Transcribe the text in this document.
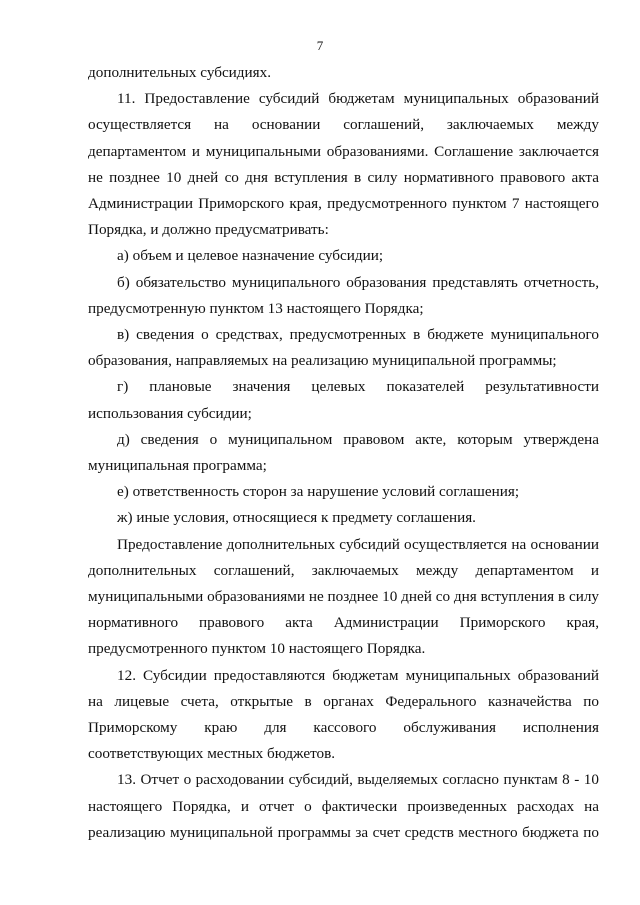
7

дополнительных субсидиях.

11. Предоставление субсидий бюджетам муниципальных образований осуществляется на основании соглашений, заключаемых между департаментом и муниципальными образованиями. Соглашение заключается не позднее 10 дней со дня вступления в силу нормативного правового акта Администрации Приморского края, предусмотренного пунктом 7 настоящего Порядка, и должно предусматривать:

а) объем и целевое назначение субсидии;

б) обязательство муниципального образования представлять отчетность, предусмотренную пунктом 13 настоящего Порядка;

в) сведения о средствах, предусмотренных в бюджете муниципального образования, направляемых на реализацию муниципальной программы;

г) плановые значения целевых показателей результативности использования субсидии;

д) сведения о муниципальном правовом акте, которым утверждена муниципальная программа;

е) ответственность сторон за нарушение условий соглашения;

ж) иные условия, относящиеся к предмету соглашения.

Предоставление дополнительных субсидий осуществляется на основании дополнительных соглашений, заключаемых между департаментом и муниципальными образованиями не позднее 10 дней со дня вступления в силу нормативного правового акта Администрации Приморского края, предусмотренного пунктом 10 настоящего Порядка.

12. Субсидии предоставляются бюджетам муниципальных образований на лицевые счета, открытые в органах Федерального казначейства по Приморскому краю для кассового обслуживания исполнения соответствующих местных бюджетов.

13. Отчет о расходовании субсидий, выделяемых согласно пунктам 8 - 10 настоящего Порядка, и отчет о фактически произведенных расходах на реализацию муниципальной программы за счет средств местного бюджета по
